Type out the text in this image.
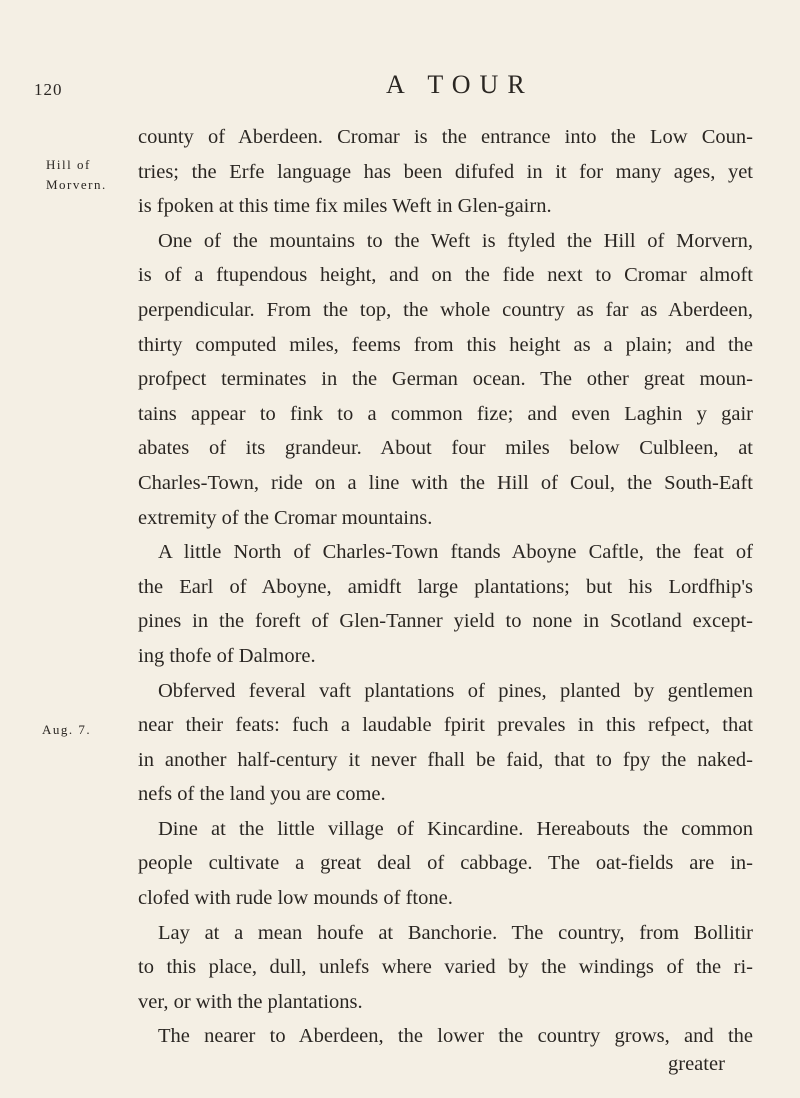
120	A TOUR
Hill of
Morvern.
Aug. 7.
county of Aberdeen. Cromar is the entrance into the Low Coun-
tries; the Erfe language has been difufed in it for many ages, yet
is fpoken at this time fix miles Weft in Glen-gairn.
One of the mountains to the Weft is ftyled the Hill of Morvern,
is of a ftupendous height, and on the fide next to Cromar almoft
perpendicular. From the top, the whole country as far as Aberdeen,
thirty computed miles, feems from this height as a plain; and the
profpect terminates in the German ocean. The other great moun-
tains appear to fink to a common fize; and even Laghin y gair
abates of its grandeur. About four miles below Culbleen, at
Charles-Town, ride on a line with the Hill of Coul, the South-Eaft
extremity of the Cromar mountains.
A little North of Charles-Town ftands Aboyne Caftle, the feat of
the Earl of Aboyne, amidft large plantations; but his Lordfhip's
pines in the foreft of Glen-Tanner yield to none in Scotland except-
ing thofe of Dalmore.
Obferved feveral vaft plantations of pines, planted by gentlemen
near their feats: fuch a laudable fpirit prevales in this refpect, that
in another half-century it never fhall be faid, that to fpy the naked-
nefs of the land you are come.
Dine at the little village of Kincardine. Hereabouts the common
people cultivate a great deal of cabbage. The oat-fields are in-
clofed with rude low mounds of ftone.
Lay at a mean houfe at Banchorie. The country, from Bollitir
to this place, dull, unlefs where varied by the windings of the ri-
ver, or with the plantations.
The nearer to Aberdeen, the lower the country grows, and the
greater
